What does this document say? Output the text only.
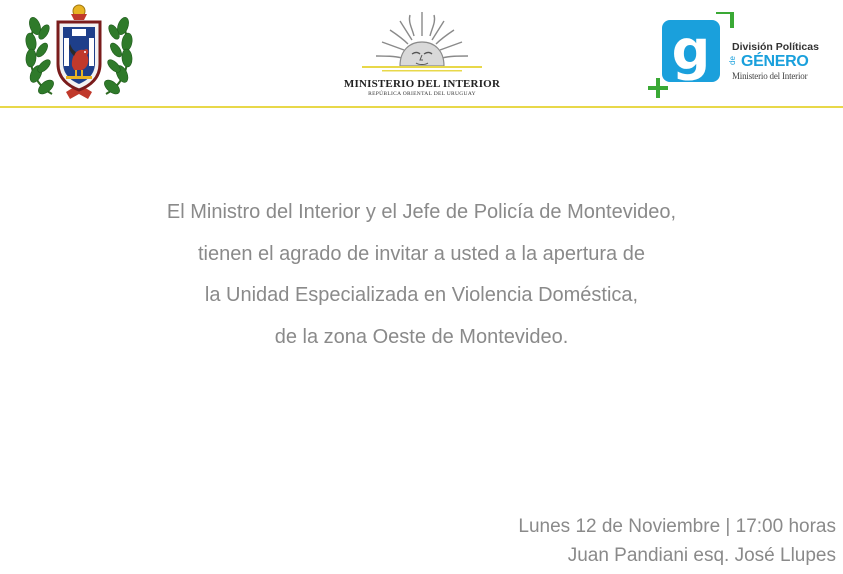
MINISTERIO DEL INTERIOR
REPÚBLICA ORIENTAL DEL URUGUAY
g División Políticas
de GÉNERO
Ministerio del Interior

El Ministro del Interior y el Jefe de Policía de Montevideo,

tienen el agrado de invitar a usted a la apertura de

la Unidad Especializada en Violencia Doméstica,

de la zona Oeste de Montevideo.

Lunes 12 de Noviembre | 17:00 horas

Juan Pandiani esq. José Llupes
